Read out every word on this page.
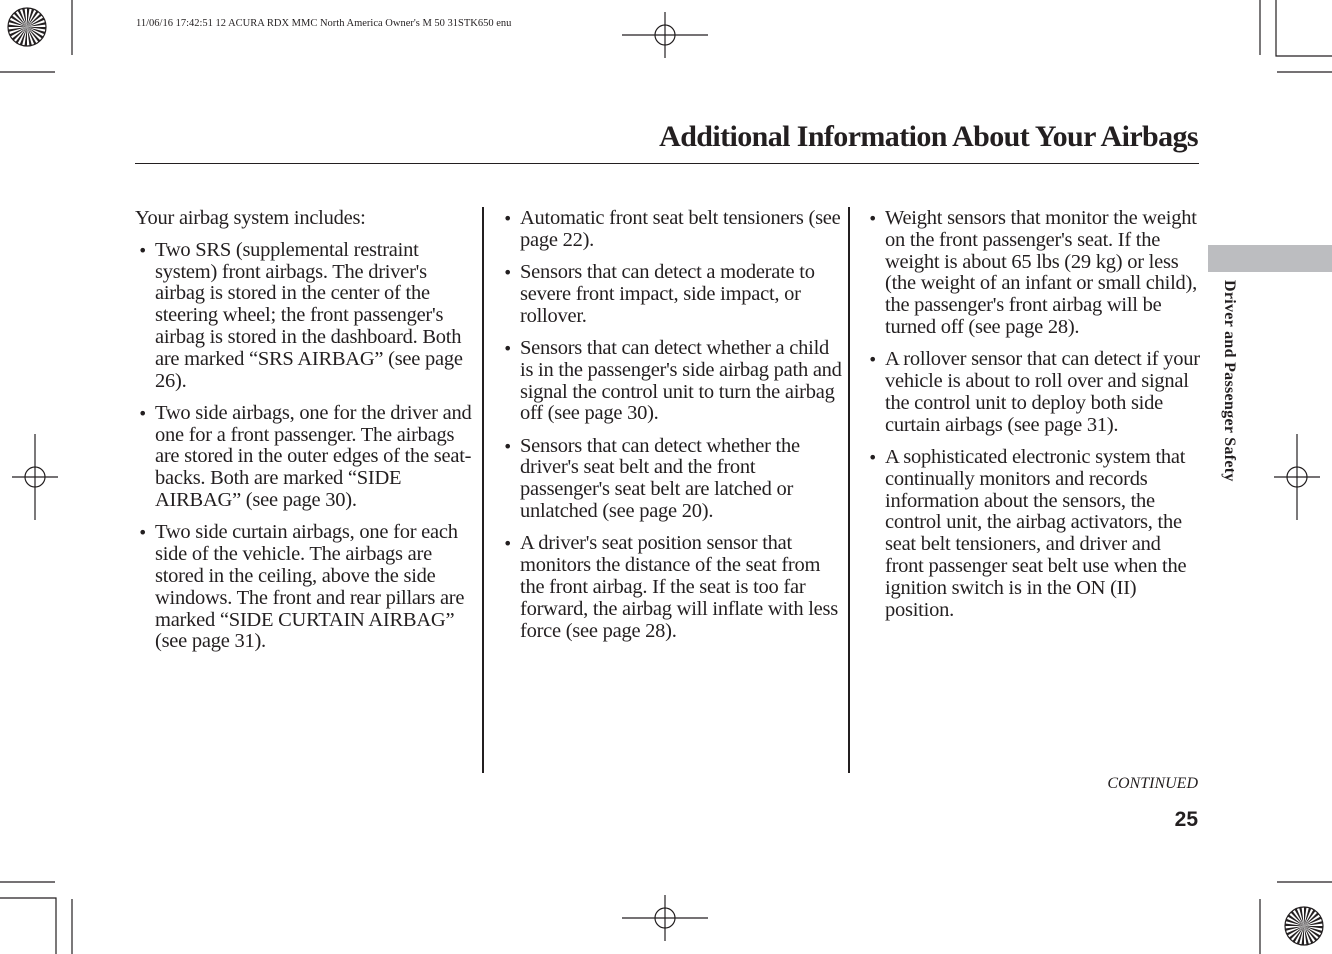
11/06/16 17:42:51 12 ACURA RDX MMC North America Owner's M 50 31STK650 enu
Additional Information About Your Airbags

Your airbag system includes:

• Two SRS (supplemental restraint system) front airbags. The driver's airbag is stored in the center of the steering wheel; the front passenger's airbag is stored in the dashboard. Both are marked “SRS AIRBAG” (see page 26).
• Two side airbags, one for the driver and one for a front passenger. The airbags are stored in the outer edges of the seat-backs. Both are marked “SIDE AIRBAG” (see page 30).
• Two side curtain airbags, one for each side of the vehicle. The airbags are stored in the ceiling, above the side windows. The front and rear pillars are marked “SIDE CURTAIN AIRBAG” (see page 31).
• Automatic front seat belt tensioners (see page 22).
• Sensors that can detect a moderate to severe front impact, side impact, or rollover.
• Sensors that can detect whether a child is in the passenger's side airbag path and signal the control unit to turn the airbag off (see page 30).
• Sensors that can detect whether the driver's seat belt and the front passenger's seat belt are latched or unlatched (see page 20).
• A driver's seat position sensor that monitors the distance of the seat from the front airbag. If the seat is too far forward, the airbag will inflate with less force (see page 28).
• Weight sensors that monitor the weight on the front passenger's seat. If the weight is about 65 lbs (29 kg) or less (the weight of an infant or small child), the passenger's front airbag will be turned off (see page 28).
• A rollover sensor that can detect if your vehicle is about to roll over and signal the control unit to deploy both side curtain airbags (see page 31).
• A sophisticated electronic system that continually monitors and records information about the sensors, the control unit, the airbag activators, the seat belt tensioners, and driver and front passenger seat belt use when the ignition switch is in the ON (II) position.
Driver and Passenger Safety
CONTINUED
25
